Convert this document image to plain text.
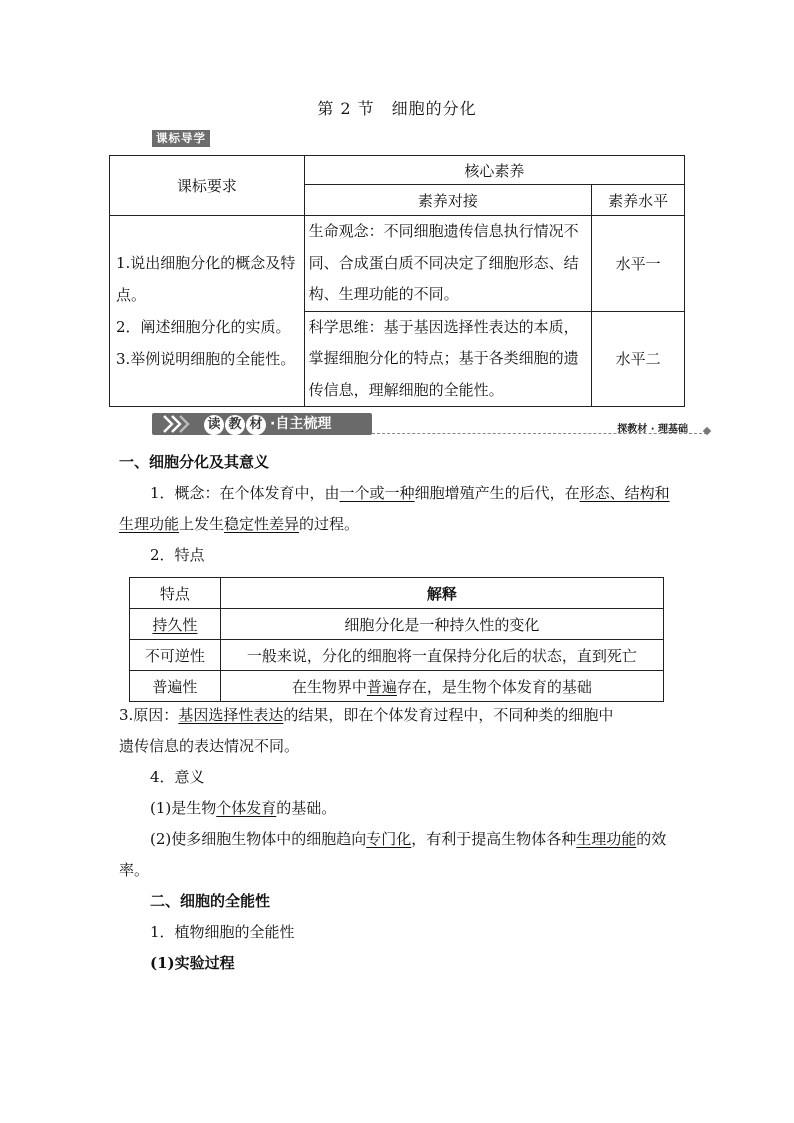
第 2 节　细胞的分化
课标导学
课标要求	核心素养	
	素养对接	素养水平

1.说出细胞分化的概念及特点。
2．阐述细胞分化的实质。
3.举例说明细胞的全能性。	生命观念：不同细胞遗传信息执行情况不同、合成蛋白质不同决定了细胞形态、结构、生理功能的不同。	水平一
	科学思维：基于基因选择性表达的本质，掌握细胞分化的特点；基于各类细胞的遗传信息，理解细胞的全能性。	水平二
读 教 材 ·自主梳理	探教材 · 理基础
一、细胞分化及其意义
1．概念：在个体发育中，由一个或一种细胞增殖产生的后代，在形态、结构和生理功能上发生稳定性差异的过程。
2．特点
特点	解释
持久性	细胞分化是一种持久性的变化
不可逆性	一般来说，分化的细胞将一直保持分化后的状态，直到死亡
普遍性	在生物界中普遍存在，是生物个体发育的基础
3.原因：基因选择性表达的结果，即在个体发育过程中，不同种类的细胞中
遗传信息的表达情况不同。
4．意义
(1)是生物个体发育的基础。
(2)使多细胞生物体中的细胞趋向专门化，有利于提高生物体各种生理功能的效率。
二、细胞的全能性
1．植物细胞的全能性
(1)实验过程
